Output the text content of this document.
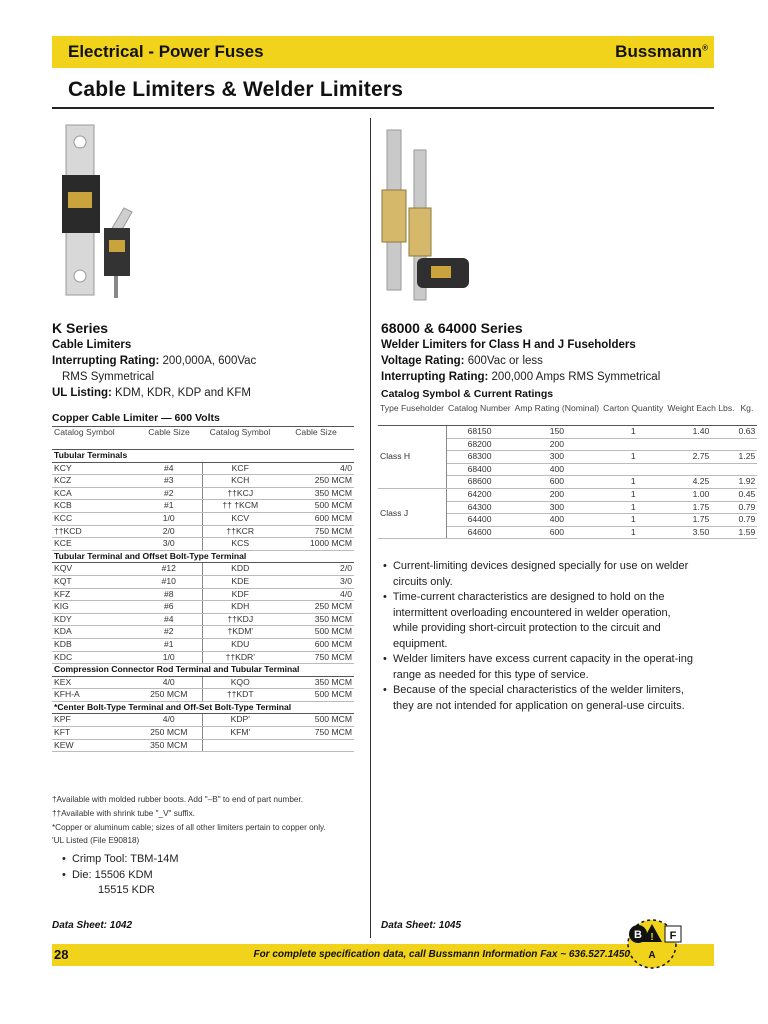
Electrical - Power Fuses	Bussmann®
Cable Limiters & Welder Limiters
K Series
Cable Limiters
Interrupting Rating: 200,000A, 600Vac
RMS Symmetrical
UL Listing: KDM, KDR, KDP and KFM
Copper Cable Limiter — 600 Volts
Catalog Symbol	Cable Size	Catalog Symbol	Cable Size
Tubular Terminals			
KCY	#4	KCF	4/0
KCZ	#3	KCH	250 MCM
KCA	#2	††KCJ	350 MCM
KCB	#1	†† †KCM	500 MCM
KCC	1/0	KCV	600 MCM
††KCD	2/0	††KCR	750 MCM
KCE	3/0	KCS	1000 MCM
Tubular Terminal and Offset Bolt-Type Terminal			
KQV	#12	KDD	2/0
KQT	#10	KDE	3/0
KFZ	#8	KDF	4/0
KIG	#6	KDH	250 MCM
KDY	#4	††KDJ	350 MCM
KDA	#2	†KDM'	500 MCM
KDB	#1	KDU	600 MCM
KDC	1/0	††KDR'	750 MCM
Compression Connector Rod Terminal and Tubular Terminal			
KEX	4/0	KQO	350 MCM
KFH-A	250 MCM	††KDT	500 MCM
*Center Bolt-Type Terminal and Off-Set Bolt-Type Terminal			
KPF	4/0	KDP'	500 MCM
KFT	250 MCM	KFM'	750 MCM
KEW	350 MCM		
†Available with molded rubber boots. Add "–B" to end of part number.
††Available with shrink tube "_V" suffix.
*Copper or aluminum cable; sizes of all other limiters pertain to copper only.
'UL Listed (File E90818)
•  Crimp Tool: TBM-14M
•  Die: 15506 KDM
15515 KDR
Data Sheet: 1042
68000 & 64000 Series
Welder Limiters for Class H and J Fuseholders
Voltage Rating: 600Vac or less
Interrupting Rating: 200,000 Amps RMS Symmetrical
Catalog Symbol & Current Ratings
Type Fuseholder	Catalog Number	Amp Rating (Nominal)	Carton Quantity	Weight Each Lbs.	Kg.
Class H	68150	150	1	1.40	0.63
	68200	200			
	68300	300	1	2.75	1.25
	68400	400			
	68600	600	1	4.25	1.92
Class J	64200	200	1	1.00	0.45
	64300	300	1	1.75	0.79
	64400	400	1	1.75	0.79
	64600	600	1	3.50	1.59

•  Current-limiting devices designed specially for use on welder circuits only.

•  Time-current characteristics are designed to hold on the intermittent overloading encountered in welder operation, while providing short-circuit protection to the circuit and equipment.

•  Welder limiters have excess current capacity in the operat-ing range as needed for this type of service.

•  Because of the special characteristics of the welder limiters, they are not intended for application on general-use circuits.

Data Sheet: 1045
28	For complete specification data, call Bussmann Information Fax ~ 636.527.1450
B ! F
A
